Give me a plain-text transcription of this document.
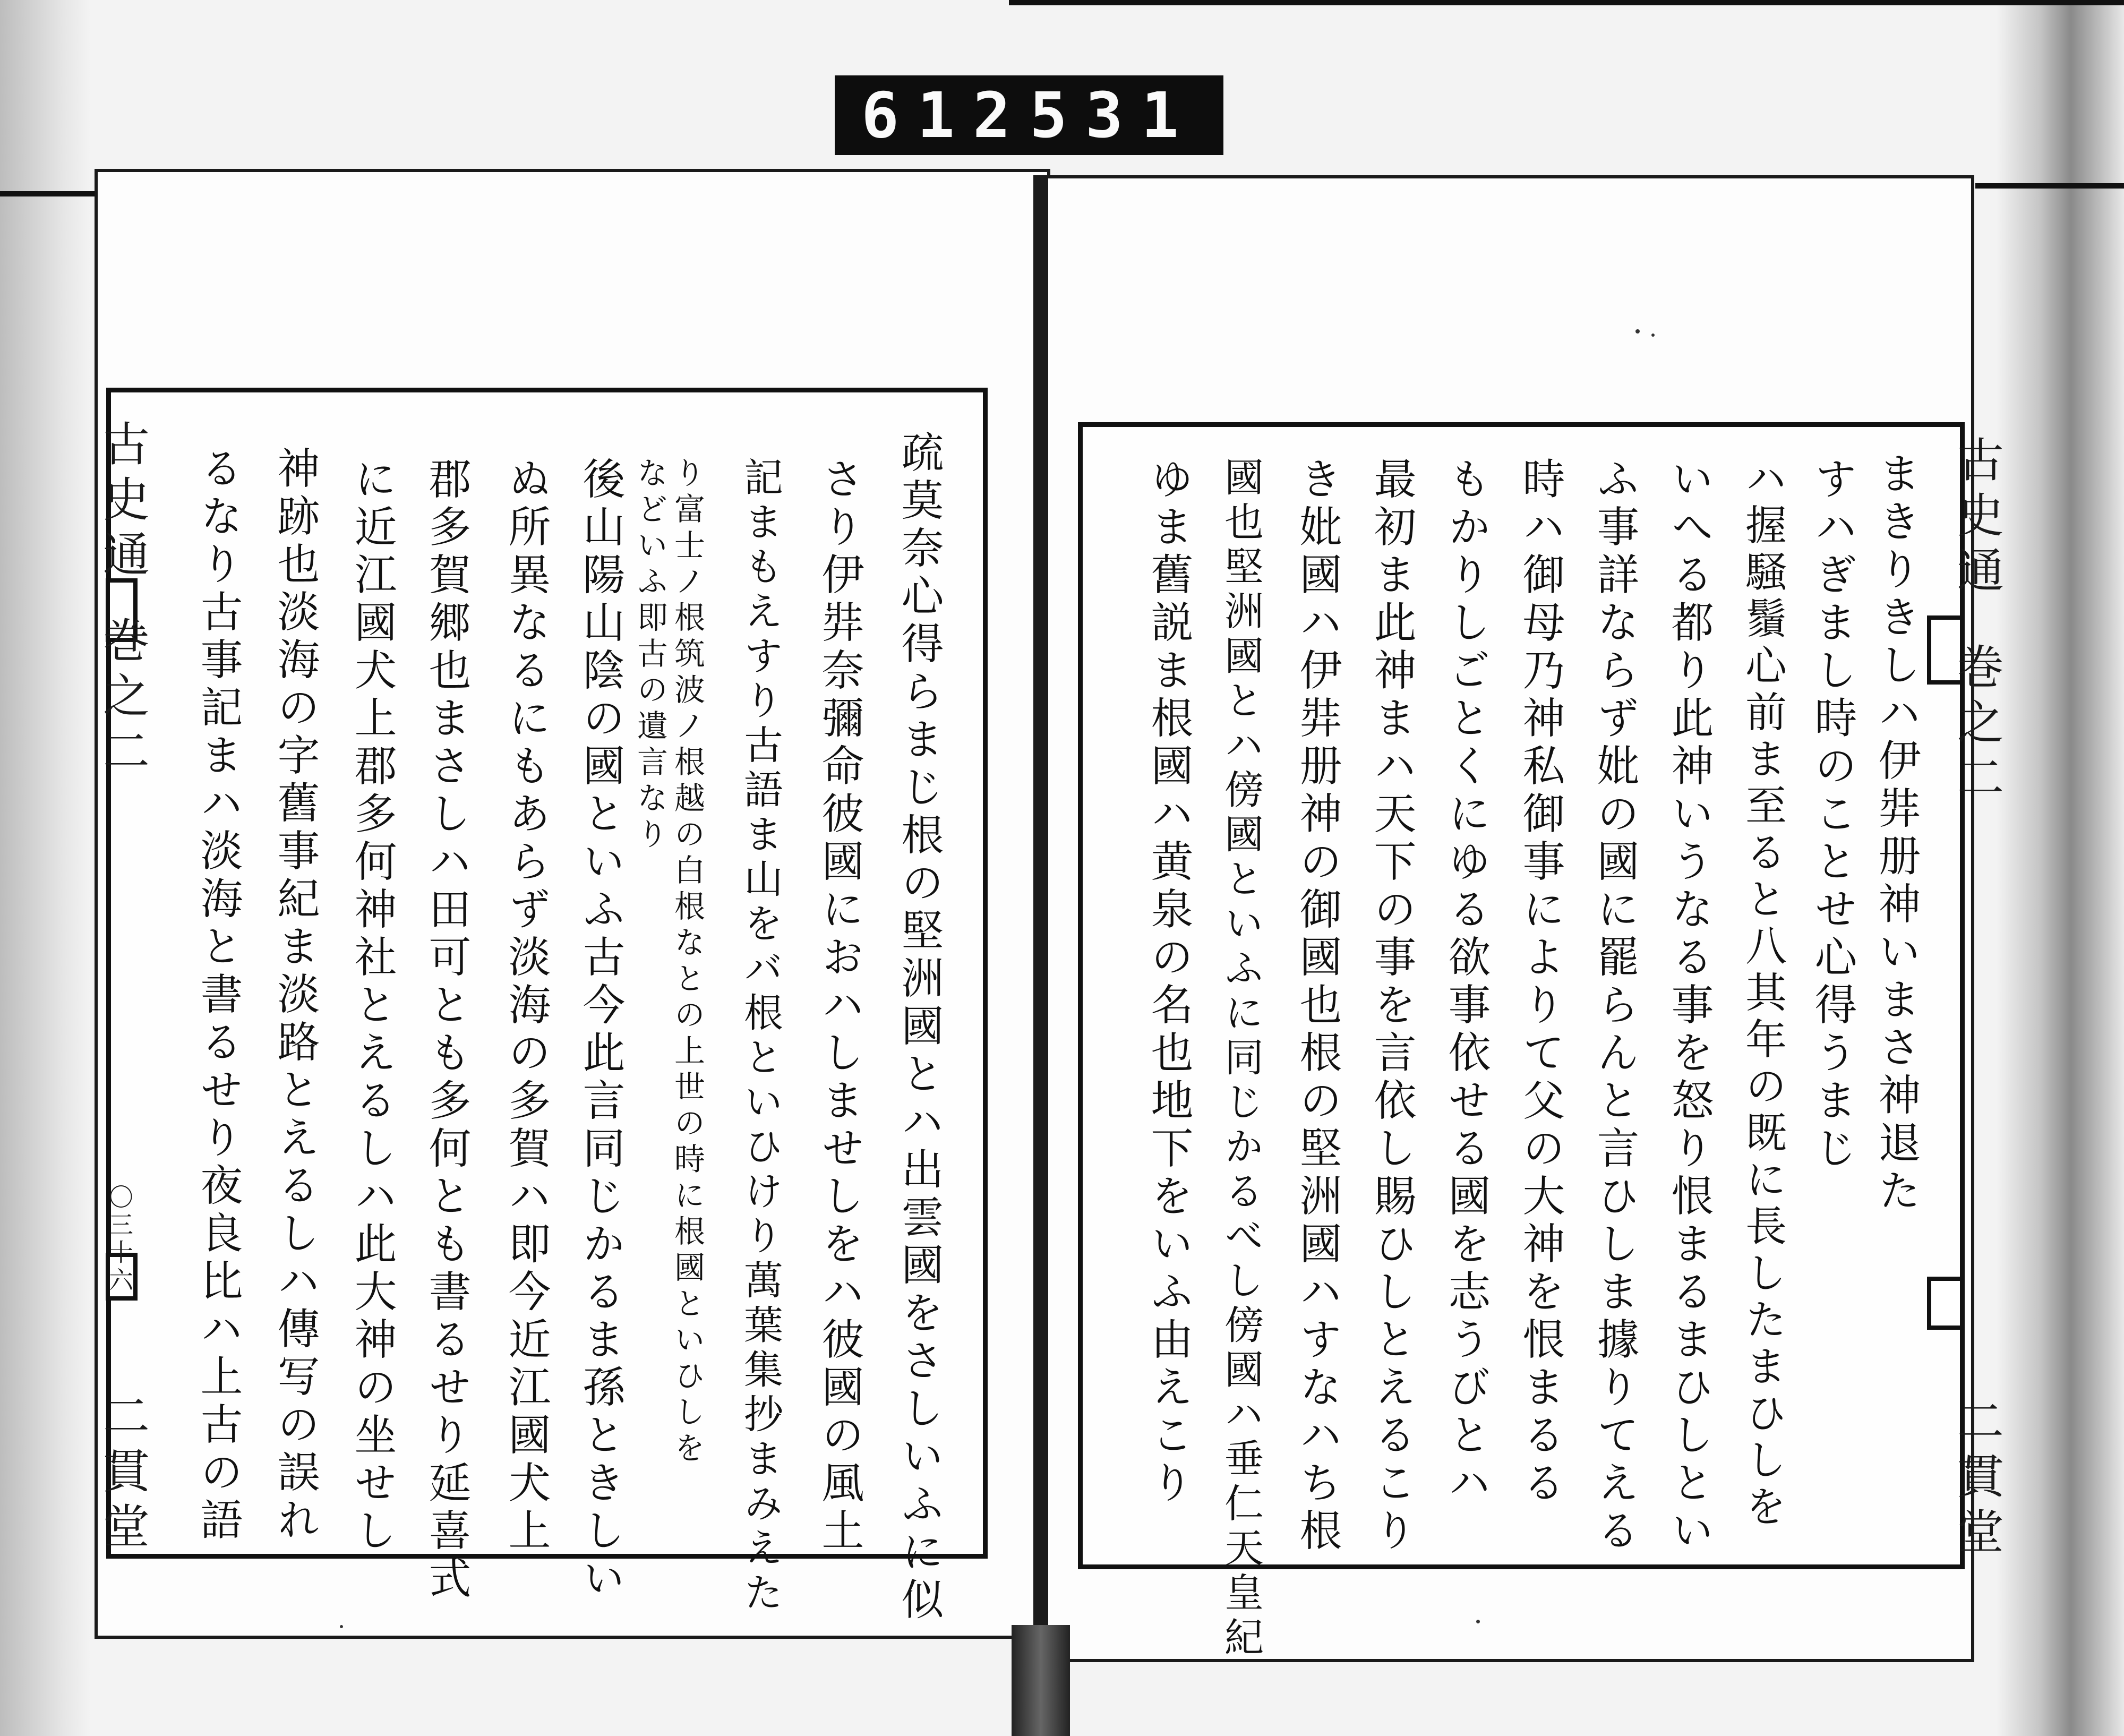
612 531
古史通
巻之二
〇三十六
二貫堂	疏莫奈心得らまじ根の堅洲國とハ出雲國をさしいふに似
さり伊弉奈彌命彼國におハしませしをハ彼國の風土
記まもえすり古語ま山をバ根といひけり萬葉集抄まみえた
り富士ノ根筑波ノ根越の白根なとの上世の時に根國といひしを
などいふ即古の遺言なり
後山陽山陰の國といふ古今此言同じかるま孫ときしい
ぬ所異なるにもあらず淡海の多賀ハ即今近江國犬上
郡多賀郷也まさしハ田可とも多何とも書るせり延喜式
に近江國犬上郡多何神社とえるしハ此大神の坐せし
神跡也淡海の字舊事紀ま淡路とえるしハ傳写の誤れ
るなり古事記まハ淡海と書るせり夜良比ハ上古の語	古史通
巻之二
二貫堂
まきりきしハ伊弉册神いまさ神退た
すハぎまし時のことせ心得うまじ
ハ握騒鬚心前ま至ると八其年の既に長したまひしを
いへる都り此神いうなる事を怒り恨まるまひしとい
ふ事詳ならず妣の國に罷らんと言ひしま據りてえる
時ハ御母乃神私御事によりて父の大神を恨まるる
もかりしごとくにゆる欲事依せる國を志うびとハ
最初ま此神まハ天下の事を言依し賜ひしとえるこり
き妣國ハ伊弉册神の御國也根の堅洲國ハすなハち根
國也堅洲國とハ傍國といふに同じかるべし傍國ハ垂仁天皇紀
ゆま舊説ま根國ハ黄泉の名也地下をいふ由えこり
